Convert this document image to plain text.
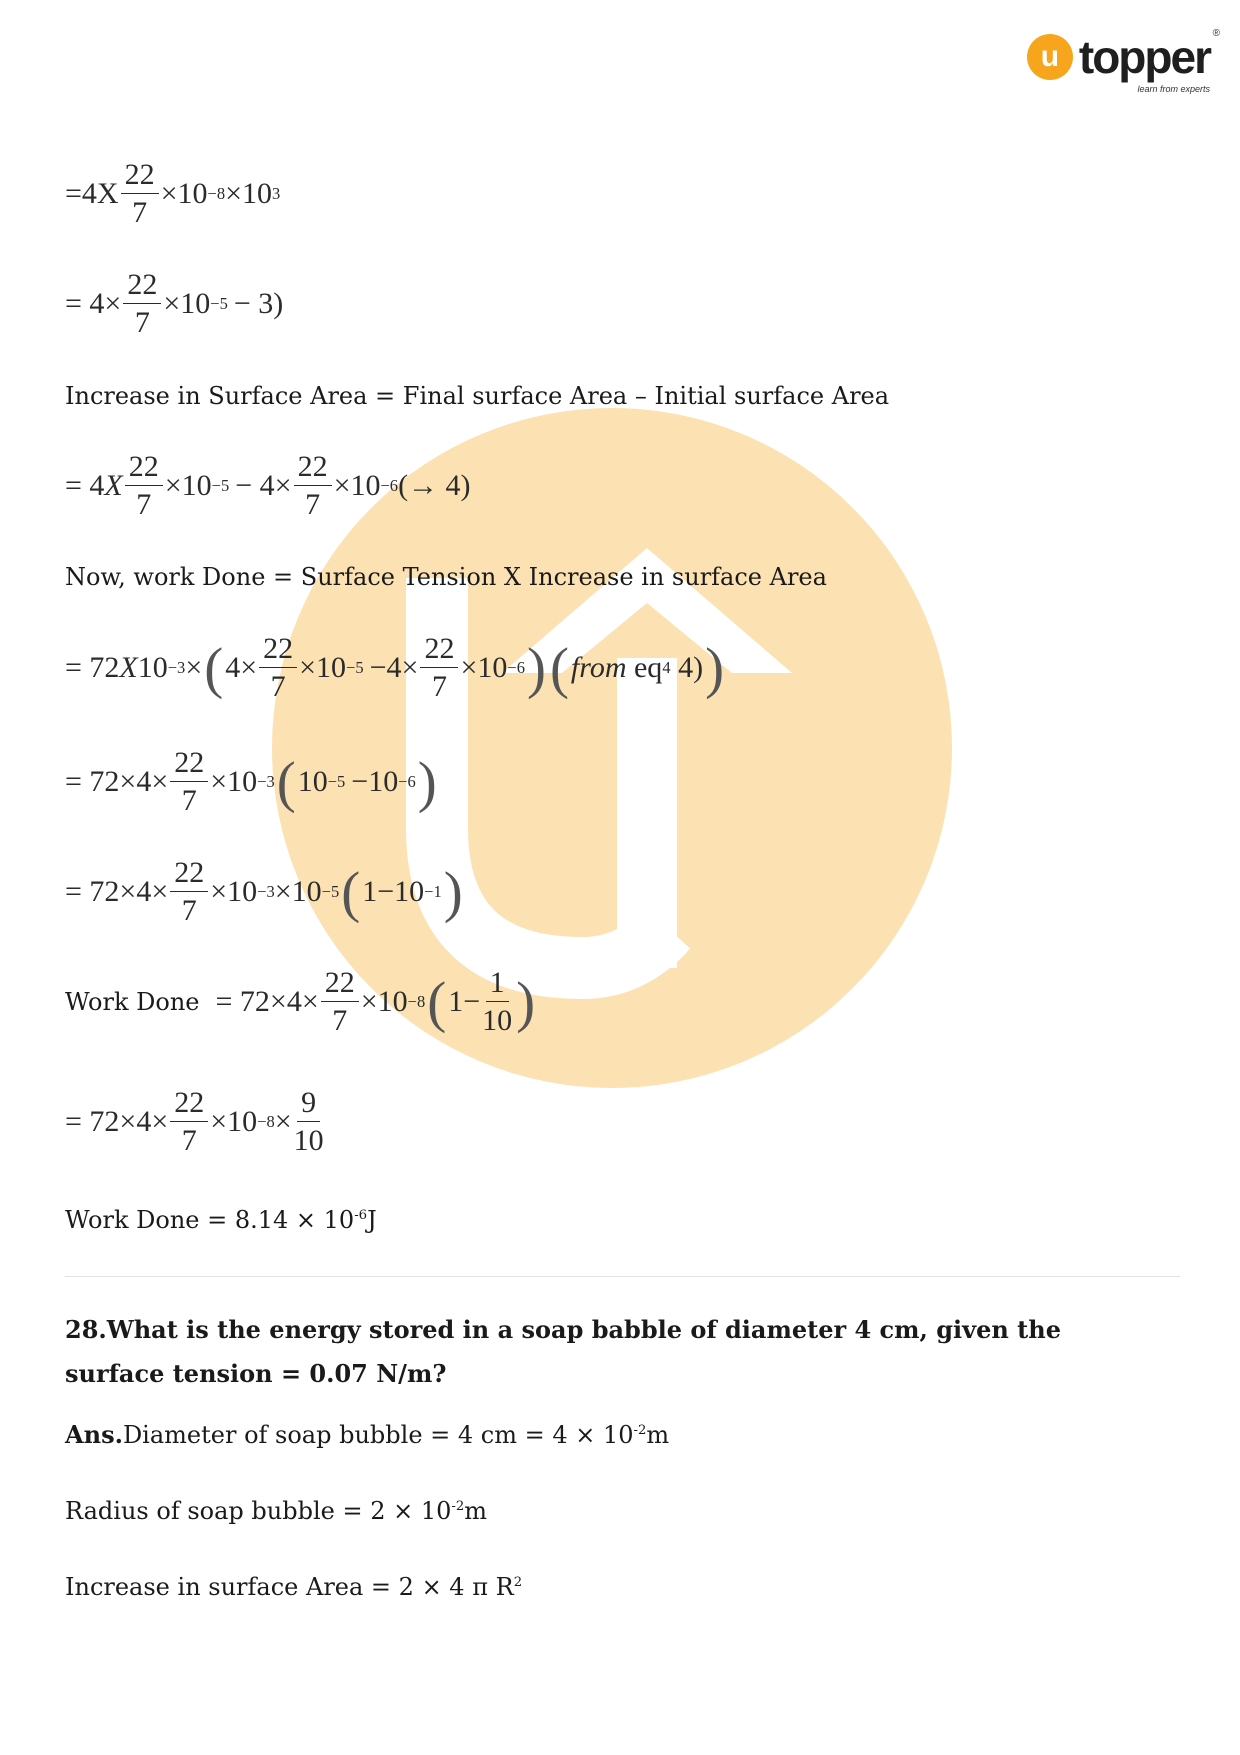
u topper
learn from experts
®
$=4X \frac{22}{7} \times 10 -8 \times 10$ 3
= $4\times \frac{22}{7} \times 10 -5 - 3$)
Increase in Surface Area = Final surface Area – Initial surface Area
= 4 X $\frac{22}{7} \times 10 -5 - 4\times \frac{22}{7} \times 10 -6$ (→ 4)
Now, work Done = Surface Tension X Increase in surface Area
= 72 X 10 −3 × ( $4\times \frac{22}{7} \times 10 -5 -4\times \frac{22}{7} \times 10 -6$ ) ( from eq 4 4) )
= $72\times 4\times \frac{22}{7} \times 10 -3$ ( 10 −5 −10 −6 )
= $72\times 4\times \frac{22}{7} \times 10 -3 \times 10 -5$ ( 1−10 −1 )
Work Done = $72\times 4\times \frac{22}{7} \times 10 -8$ ( $1- \frac{1}{10}$ )
= $72\times 4\times \frac{22}{7} \times 10 -8 \times \frac{9}{10}$
Work Done = $8.14 \times 10^{-6}J$
28.What is the energy stored in a soap babble of diameter 4 cm, given the surface tension = 0.07 N/m?
Ans.Diameter of soap bubble = 4 cm = $4 \times 10^{-2}m$
Radius of soap bubble = $2 \times 10^{-2}m$
Increase in surface Area = 2 × 4 π $R^2$
